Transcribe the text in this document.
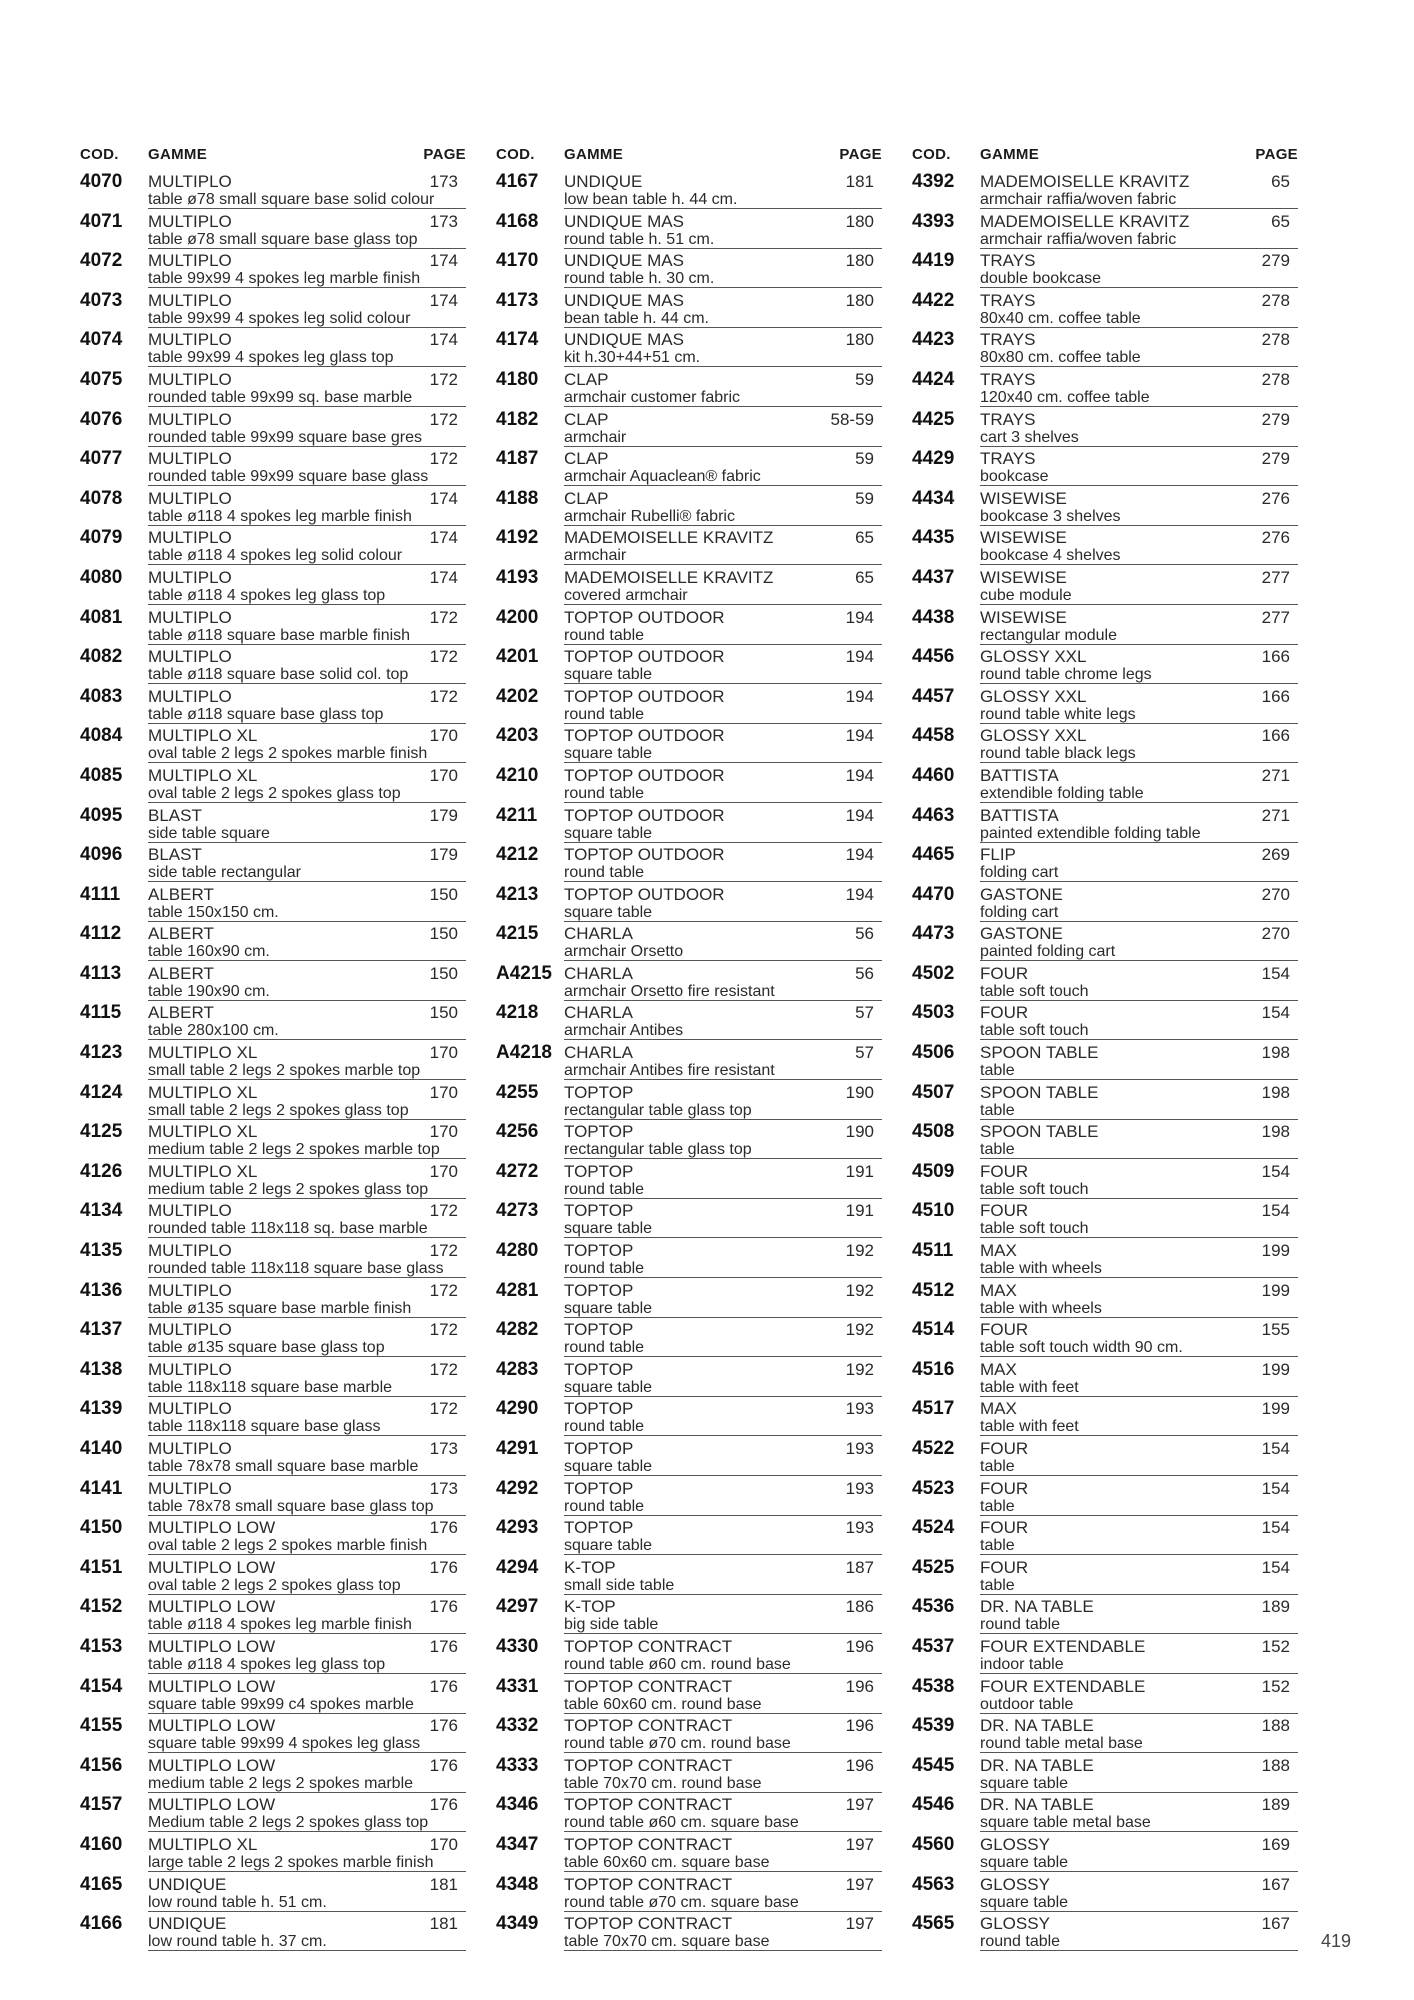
COD. GAMME	PAGE
4070 MULTIPLO	173
table ø78 small square base solid colour
4071 MULTIPLO	173
table ø78 small square base glass top
4072 MULTIPLO	174
table 99x99 4 spokes leg marble finish
4073 MULTIPLO	174
table 99x99 4 spokes leg solid colour
4074 MULTIPLO	174
table 99x99 4 spokes leg glass top
4075 MULTIPLO	172
rounded table 99x99 sq. base marble
4076 MULTIPLO	172
rounded table 99x99 square base gres
4077 MULTIPLO	172
rounded table 99x99 square base glass
4078 MULTIPLO	174
table ø118 4 spokes leg marble finish
4079 MULTIPLO	174
table ø118 4 spokes leg solid colour
4080 MULTIPLO	174
table ø118 4 spokes leg glass top
4081 MULTIPLO	172
table ø118 square base marble finish
4082 MULTIPLO	172
table ø118 square base solid col. top
4083 MULTIPLO	172
table ø118 square base glass top
4084 MULTIPLO XL	170
oval table 2 legs 2 spokes marble finish
4085 MULTIPLO XL	170
oval table 2 legs 2 spokes glass top
4095 BLAST	179
side table square
4096 BLAST	179
side table rectangular
4111 ALBERT	150
table 150x150 cm.
4112 ALBERT	150
table 160x90 cm.
4113 ALBERT	150
table 190x90 cm.
4115 ALBERT	150
table 280x100 cm.
4123 MULTIPLO XL	170
small table 2 legs 2 spokes marble top
4124 MULTIPLO XL	170
small table 2 legs 2 spokes glass top
4125 MULTIPLO XL	170
medium table 2 legs 2 spokes marble top
4126 MULTIPLO XL	170
medium table 2 legs 2 spokes glass top
4134 MULTIPLO	172
rounded table 118x118 sq. base marble
4135 MULTIPLO	172
rounded table 118x118 square base glass
4136 MULTIPLO	172
table ø135 square base marble finish
4137 MULTIPLO	172
table ø135 square base glass top
4138 MULTIPLO	172
table 118x118 square base marble
4139 MULTIPLO	172
table 118x118 square base glass
4140 MULTIPLO	173
table 78x78 small square base marble
4141 MULTIPLO	173
table 78x78 small square base glass top
4150 MULTIPLO LOW	176
oval table 2 legs 2 spokes marble finish
4151 MULTIPLO LOW	176
oval table 2 legs 2 spokes glass top
4152 MULTIPLO LOW	176
table ø118 4 spokes leg marble finish
4153 MULTIPLO LOW	176
table ø118 4 spokes leg glass top
4154 MULTIPLO LOW	176
square table 99x99 c4 spokes marble
4155 MULTIPLO LOW	176
square table 99x99 4 spokes leg glass
4156 MULTIPLO LOW	176
medium table 2 legs 2 spokes marble
4157 MULTIPLO LOW	176
Medium table 2 legs 2 spokes glass top
4160 MULTIPLO XL	170
large table 2 legs 2 spokes marble finish
4165 UNDIQUE	181
low round table h. 51 cm.
4166 UNDIQUE	181
low round table h. 37 cm.
COD. GAMME	PAGE
4167 UNDIQUE	181
low bean table h. 44 cm.
4168 UNDIQUE MAS	180
round table h. 51 cm.
4170 UNDIQUE MAS	180
round table h. 30 cm.
4173 UNDIQUE MAS	180
bean table h. 44 cm.
4174 UNDIQUE MAS	180
kit h.30+44+51 cm.
4180 CLAP	59
armchair customer fabric
4182 CLAP	58-59
armchair
4187 CLAP	59
armchair Aquaclean® fabric
4188 CLAP	59
armchair Rubelli® fabric
4192 MADEMOISELLE KRAVITZ	65
armchair
4193 MADEMOISELLE KRAVITZ	65
covered armchair
4200 TOPTOP OUTDOOR	194
round table
4201 TOPTOP OUTDOOR	194
square table
4202 TOPTOP OUTDOOR	194
round table
4203 TOPTOP OUTDOOR	194
square table
4210 TOPTOP OUTDOOR	194
round table
4211 TOPTOP OUTDOOR	194
square table
4212 TOPTOP OUTDOOR	194
round table
4213 TOPTOP OUTDOOR	194
square table
4215 CHARLA	56
armchair Orsetto
A4215 CHARLA	56
armchair Orsetto fire resistant
4218 CHARLA	57
armchair Antibes
A4218 CHARLA	57
armchair Antibes fire resistant
4255 TOPTOP	190
rectangular table glass top
4256 TOPTOP	190
rectangular table glass top
4272 TOPTOP	191
round table
4273 TOPTOP	191
square table
4280 TOPTOP	192
round table
4281 TOPTOP	192
square table
4282 TOPTOP	192
round table
4283 TOPTOP	192
square table
4290 TOPTOP	193
round table
4291 TOPTOP	193
square table
4292 TOPTOP	193
round table
4293 TOPTOP	193
square table
4294 K-TOP	187
small side table
4297 K-TOP	186
big side table
4330 TOPTOP CONTRACT	196
round table ø60 cm. round base
4331 TOPTOP CONTRACT	196
table 60x60 cm. round base
4332 TOPTOP CONTRACT	196
round table ø70 cm. round base
4333 TOPTOP CONTRACT	196
table 70x70 cm. round base
4346 TOPTOP CONTRACT	197
round table ø60 cm. square base
4347 TOPTOP CONTRACT	197
table 60x60 cm. square base
4348 TOPTOP CONTRACT	197
round table ø70 cm. square base
4349 TOPTOP CONTRACT	197
table 70x70 cm. square base
COD. GAMME	PAGE
4392 MADEMOISELLE KRAVITZ	65
armchair raffia/woven fabric
4393 MADEMOISELLE KRAVITZ	65
armchair raffia/woven fabric
4419 TRAYS	279
double bookcase
4422 TRAYS	278
80x40 cm. coffee table
4423 TRAYS	278
80x80 cm. coffee table
4424 TRAYS	278
120x40 cm. coffee table
4425 TRAYS	279
cart 3 shelves
4429 TRAYS	279
bookcase
4434 WISEWISE	276
bookcase 3 shelves
4435 WISEWISE	276
bookcase 4 shelves
4437 WISEWISE	277
cube module
4438 WISEWISE	277
rectangular module
4456 GLOSSY XXL	166
round table chrome legs
4457 GLOSSY XXL	166
round table white legs
4458 GLOSSY XXL	166
round table black legs
4460 BATTISTA	271
extendible folding table
4463 BATTISTA	271
painted extendible folding table
4465 FLIP	269
folding cart
4470 GASTONE	270
folding cart
4473 GASTONE	270
painted folding cart
4502 FOUR	154
table soft touch
4503 FOUR	154
table soft touch
4506 SPOON TABLE	198
table
4507 SPOON TABLE	198
table
4508 SPOON TABLE	198
table
4509 FOUR	154
table soft touch
4510 FOUR	154
table soft touch
4511 MAX	199
table with wheels
4512 MAX	199
table with wheels
4514 FOUR	155
table soft touch width 90 cm.
4516 MAX	199
table with feet
4517 MAX	199
table with feet
4522 FOUR	154
table
4523 FOUR	154
table
4524 FOUR	154
table
4525 FOUR	154
table
4536 DR. NA TABLE	189
round table
4537 FOUR EXTENDABLE	152
indoor table
4538 FOUR EXTENDABLE	152
outdoor table
4539 DR. NA TABLE	188
round table metal base
4545 DR. NA TABLE	188
square table
4546 DR. NA TABLE	189
square table metal base
4560 GLOSSY	169
square table
4563 GLOSSY	167
square table
4565 GLOSSY	167
round table	419
